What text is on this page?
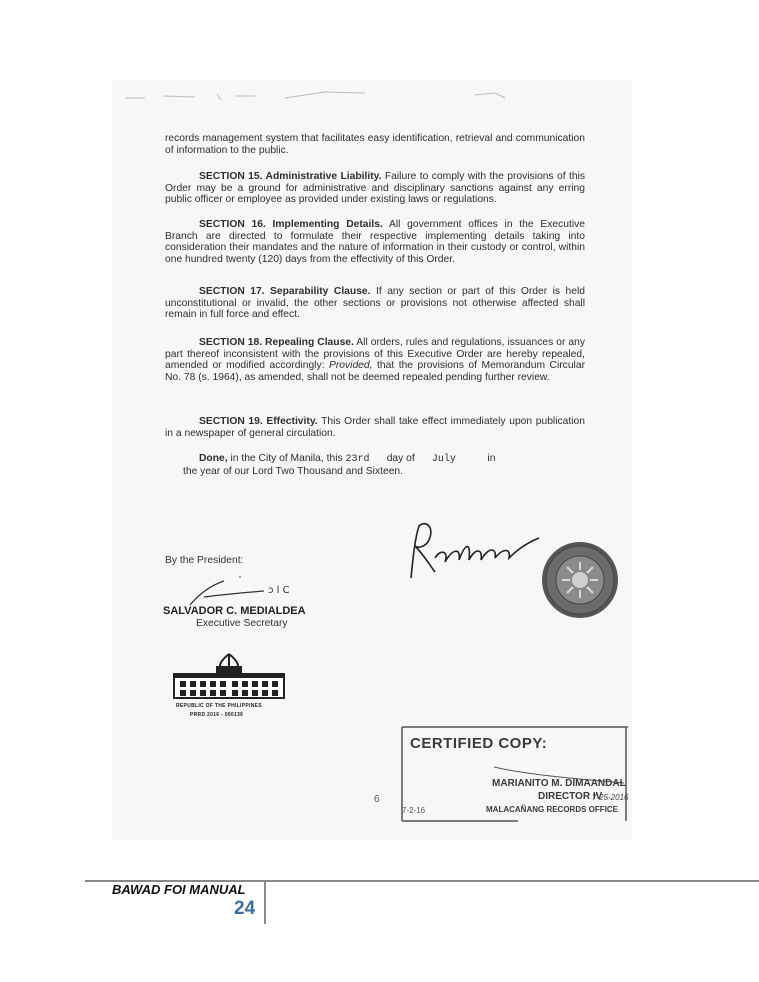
records management system that facilitates easy identification, retrieval and communication of information to the public.

SECTION 15. Administrative Liability. Failure to comply with the provisions of this Order may be a ground for administrative and disciplinary sanctions against any erring public officer or employee as provided under existing laws or regulations.

SECTION 16. Implementing Details. All government offices in the Executive Branch are directed to formulate their respective implementing details taking into consideration their mandates and the nature of information in their custody or control, within one hundred twenty (120) days from the effectivity of this Order.

SECTION 17. Separability Clause. If any section or part of this Order is held unconstitutional or invalid, the other sections or provisions not otherwise affected shall remain in full force and effect.

SECTION 18. Repealing Clause. All orders, rules and regulations, issuances or any part thereof inconsistent with the provisions of this Executive Order are hereby repealed, amended or modified accordingly: Provided, that the provisions of Memorandum Circular No. 78 (s. 1964), as amended, shall not be deemed repealed pending further review.

SECTION 19. Effectivity. This Order shall take effect immediately upon publication in a newspaper of general circulation.

Done, in the City of Manila, this 23rd      day of      July           in

the year of our Lord Two Thousand and Sixteen.

By the President:
ɔ l C
SALVADOR C. MEDIALDEA
Executive Secretary
Rduterte
REPUBLIC OF THE PHILIPPINES
PRRD 2016 - 000136
6
CERTIFIED COPY:
MARIANITO M. DIMAANDAL
DIRECTOR IV
7-25-2016
MALACAÑANG RECORDS OFFICE
7-2-16
BAWAD FOI MANUAL
24
